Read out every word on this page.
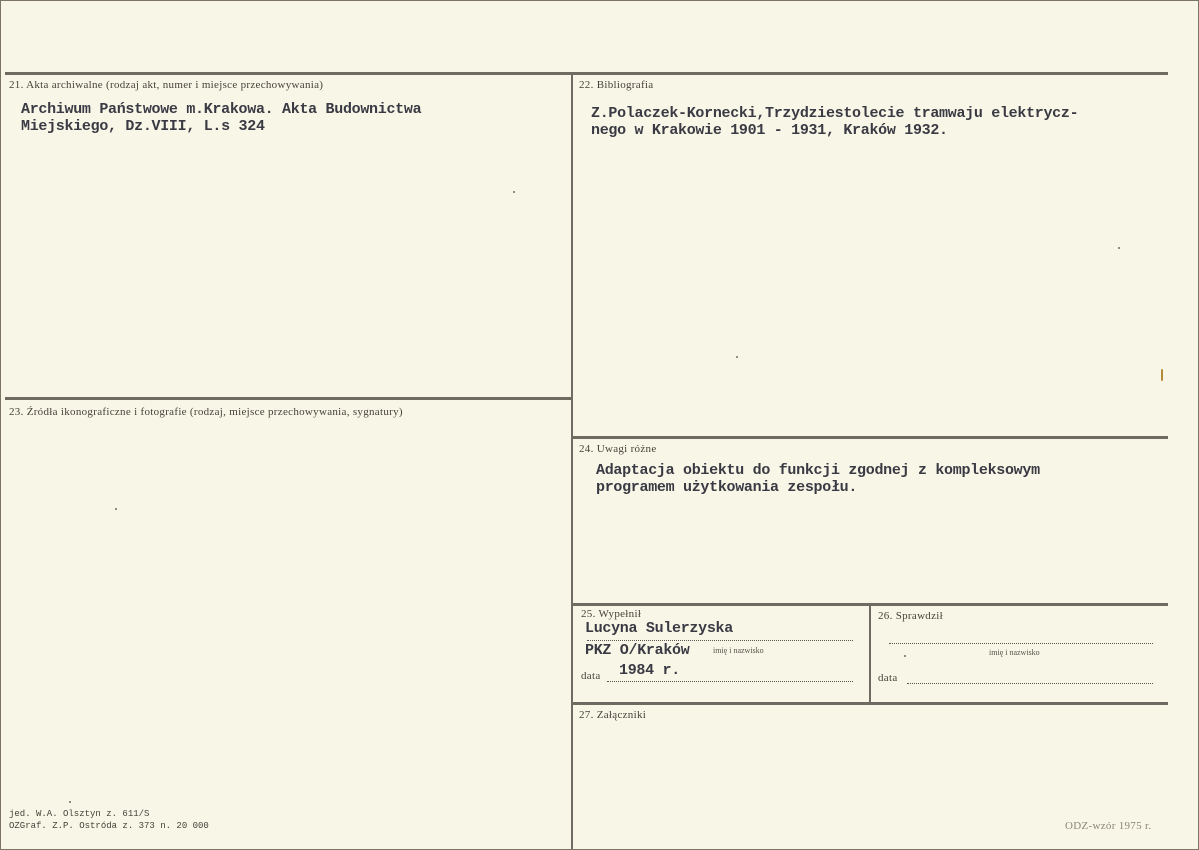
21. Akta archiwalne (rodzaj akt, numer i miejsce przechowywania)
Archiwum Państwowe m.Krakowa. Akta Budownictwa
Miejskiego, Dz.VIII, L.s 324
22. Bibliografia
Z.Polaczek-Kornecki,Trzydziestolecie tramwaju elektrycz-
nego w Krakowie 1901 - 1931, Kraków 1932.
23. Źródła ikonograficzne i fotografie (rodzaj, miejsce przechowywania, sygnatury)
24. Uwagi różne
Adaptacja obiektu do funkcji zgodnej z kompleksowym
programem użytkowania zespołu.
25. Wypełnił
Lucyna Sulerzyska
PKZ O/Kraków	imię i nazwisko
data 1984 r.
26. Sprawdził
imię i nazwisko
data
27. Załączniki
jed. W.A. Olsztyn z. 611/S
OZGraf. Z.P. Ostróda z. 373 n. 20 000	ODZ-wzór 1975 r.
